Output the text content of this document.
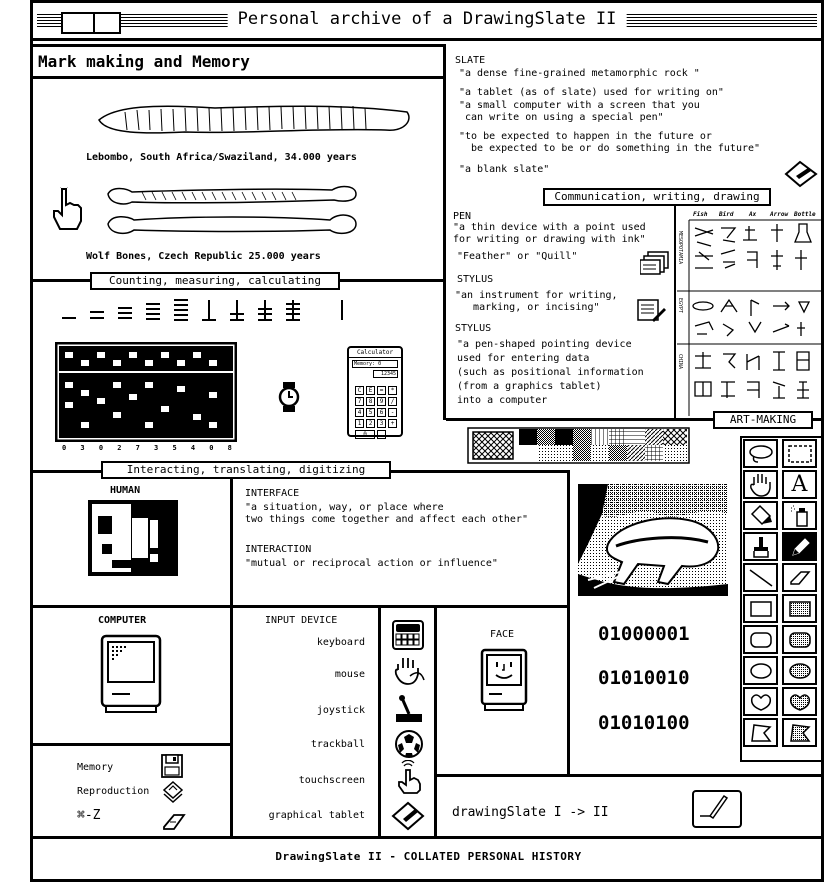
Personal archive of a DrawingSlate II
Mark making and Memory
Lebombo, South Africa/Swaziland, 34.000 years
Wolf Bones, Czech Republic 25.000 years
Counting, measuring, calculating
SLATE
"a dense fine-grained metamorphic rock "
"a tablet (as of slate) used for writing on"
"a small computer with a screen that you
can write on using a special pen"
"to be expected to happen in the future or
be expected to be or do something in the future"
"a blank slate"
Communication, writing, drawing
PEN
"a thin device with a point used
for writing or drawing with ink"
"Feather" or "Quill"
STYLUS
"an instrument for writing,
marking, or incising"
STYLUS
"a pen-shaped pointing device
used for entering data
(such as positional information
(from a graphics tablet)
into a computer
Fish Bird	Ax Arrow Bottle
MESOPOTAMIA
EGYPT
CHINA
0 3 0 2 7 3 5 4 0 8
Calculator
Memory: 0
12345
C	E	=	*
7	8	9	/
4	5	6	-
1	2	3	+
0	.
Interacting, translating, digitizing
ART-MAKING
A
HUMAN	INTERFACE
"a situation, way, or place where
two things come together and affect each other"
INTERACTION
"mutual or reciprocal action or influence"
COMPUTER	INPUT DEVICE
keyboard
mouse
joystick
trackball
touchscreen
graphical tablet
FACE	01000001
01010010
01010100
Memory
Reproduction
⌘-Z	drawingSlate I -> II
DrawingSlate II - COLLATED PERSONAL HISTORY
